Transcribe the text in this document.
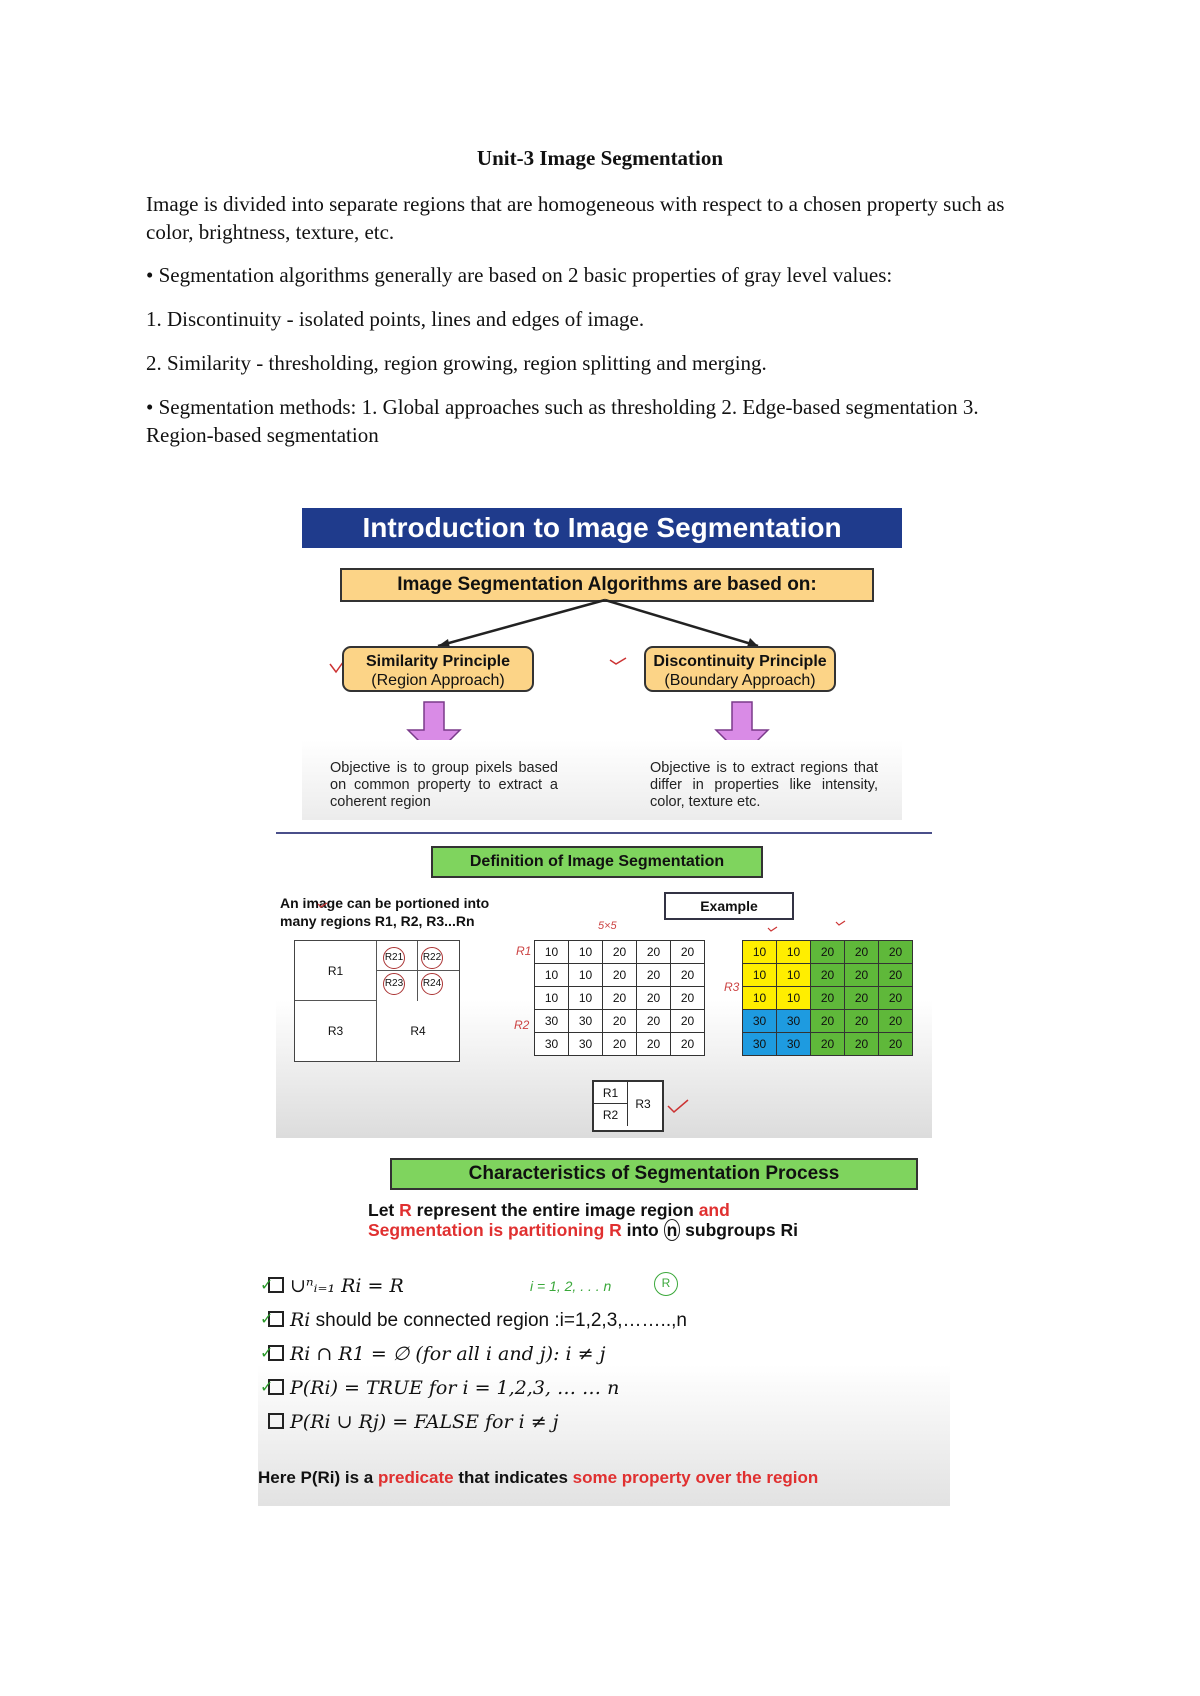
Unit-3 Image Segmentation
Image is divided into separate regions that are homogeneous with respect to a chosen property such as color, brightness, texture, etc.
• Segmentation algorithms generally are based on 2 basic properties of gray level values:
1. Discontinuity - isolated points, lines and edges of image.
2. Similarity - thresholding, region growing, region splitting and merging.
• Segmentation methods: 1. Global approaches such as thresholding 2. Edge-based segmentation 3. Region-based segmentation
Introduction to Image Segmentation
Image Segmentation Algorithms are based on:
Similarity Principle
(Region Approach)
Discontinuity Principle
(Boundary Approach)
Objective is to group pixels based on common property to extract a coherent region
Objective is to extract regions that differ in properties like intensity, color, texture etc.
Definition of Image Segmentation
An image can be portioned into many regions R1, R2, R3...Rn
Example
5×5
R1
R21 R22
R23 R24
R3	R4
10	10	20	20	20
10	10	20	20	20
10	10	20	20	20
30	30	20	20	20
30	30	20	20	20
R1
R2
R3
10	10	20	20	20
10	10	20	20	20
10	10	20	20	20
30	30	20	20	20
30	30	20	20	20
R1
R2
R3
Characteristics of Segmentation Process
Let R represent the entire image region and
Segmentation is partitioning R into n subgroups Ri
i = 1, 2, . . . n	R
✓ ∪ⁿᵢ₌₁ Ri = R
✓ Ri should be connected region :i=1,2,3,……..,n
✓ Ri ∩ R1 = ∅ (for all i and j): i ≠ j
✓ P(Ri) = TRUE for i = 1,2,3, … … n
P(Ri ∪ Rj) = FALSE for i ≠ j
Here P(Ri) is a predicate that indicates some property over the region
